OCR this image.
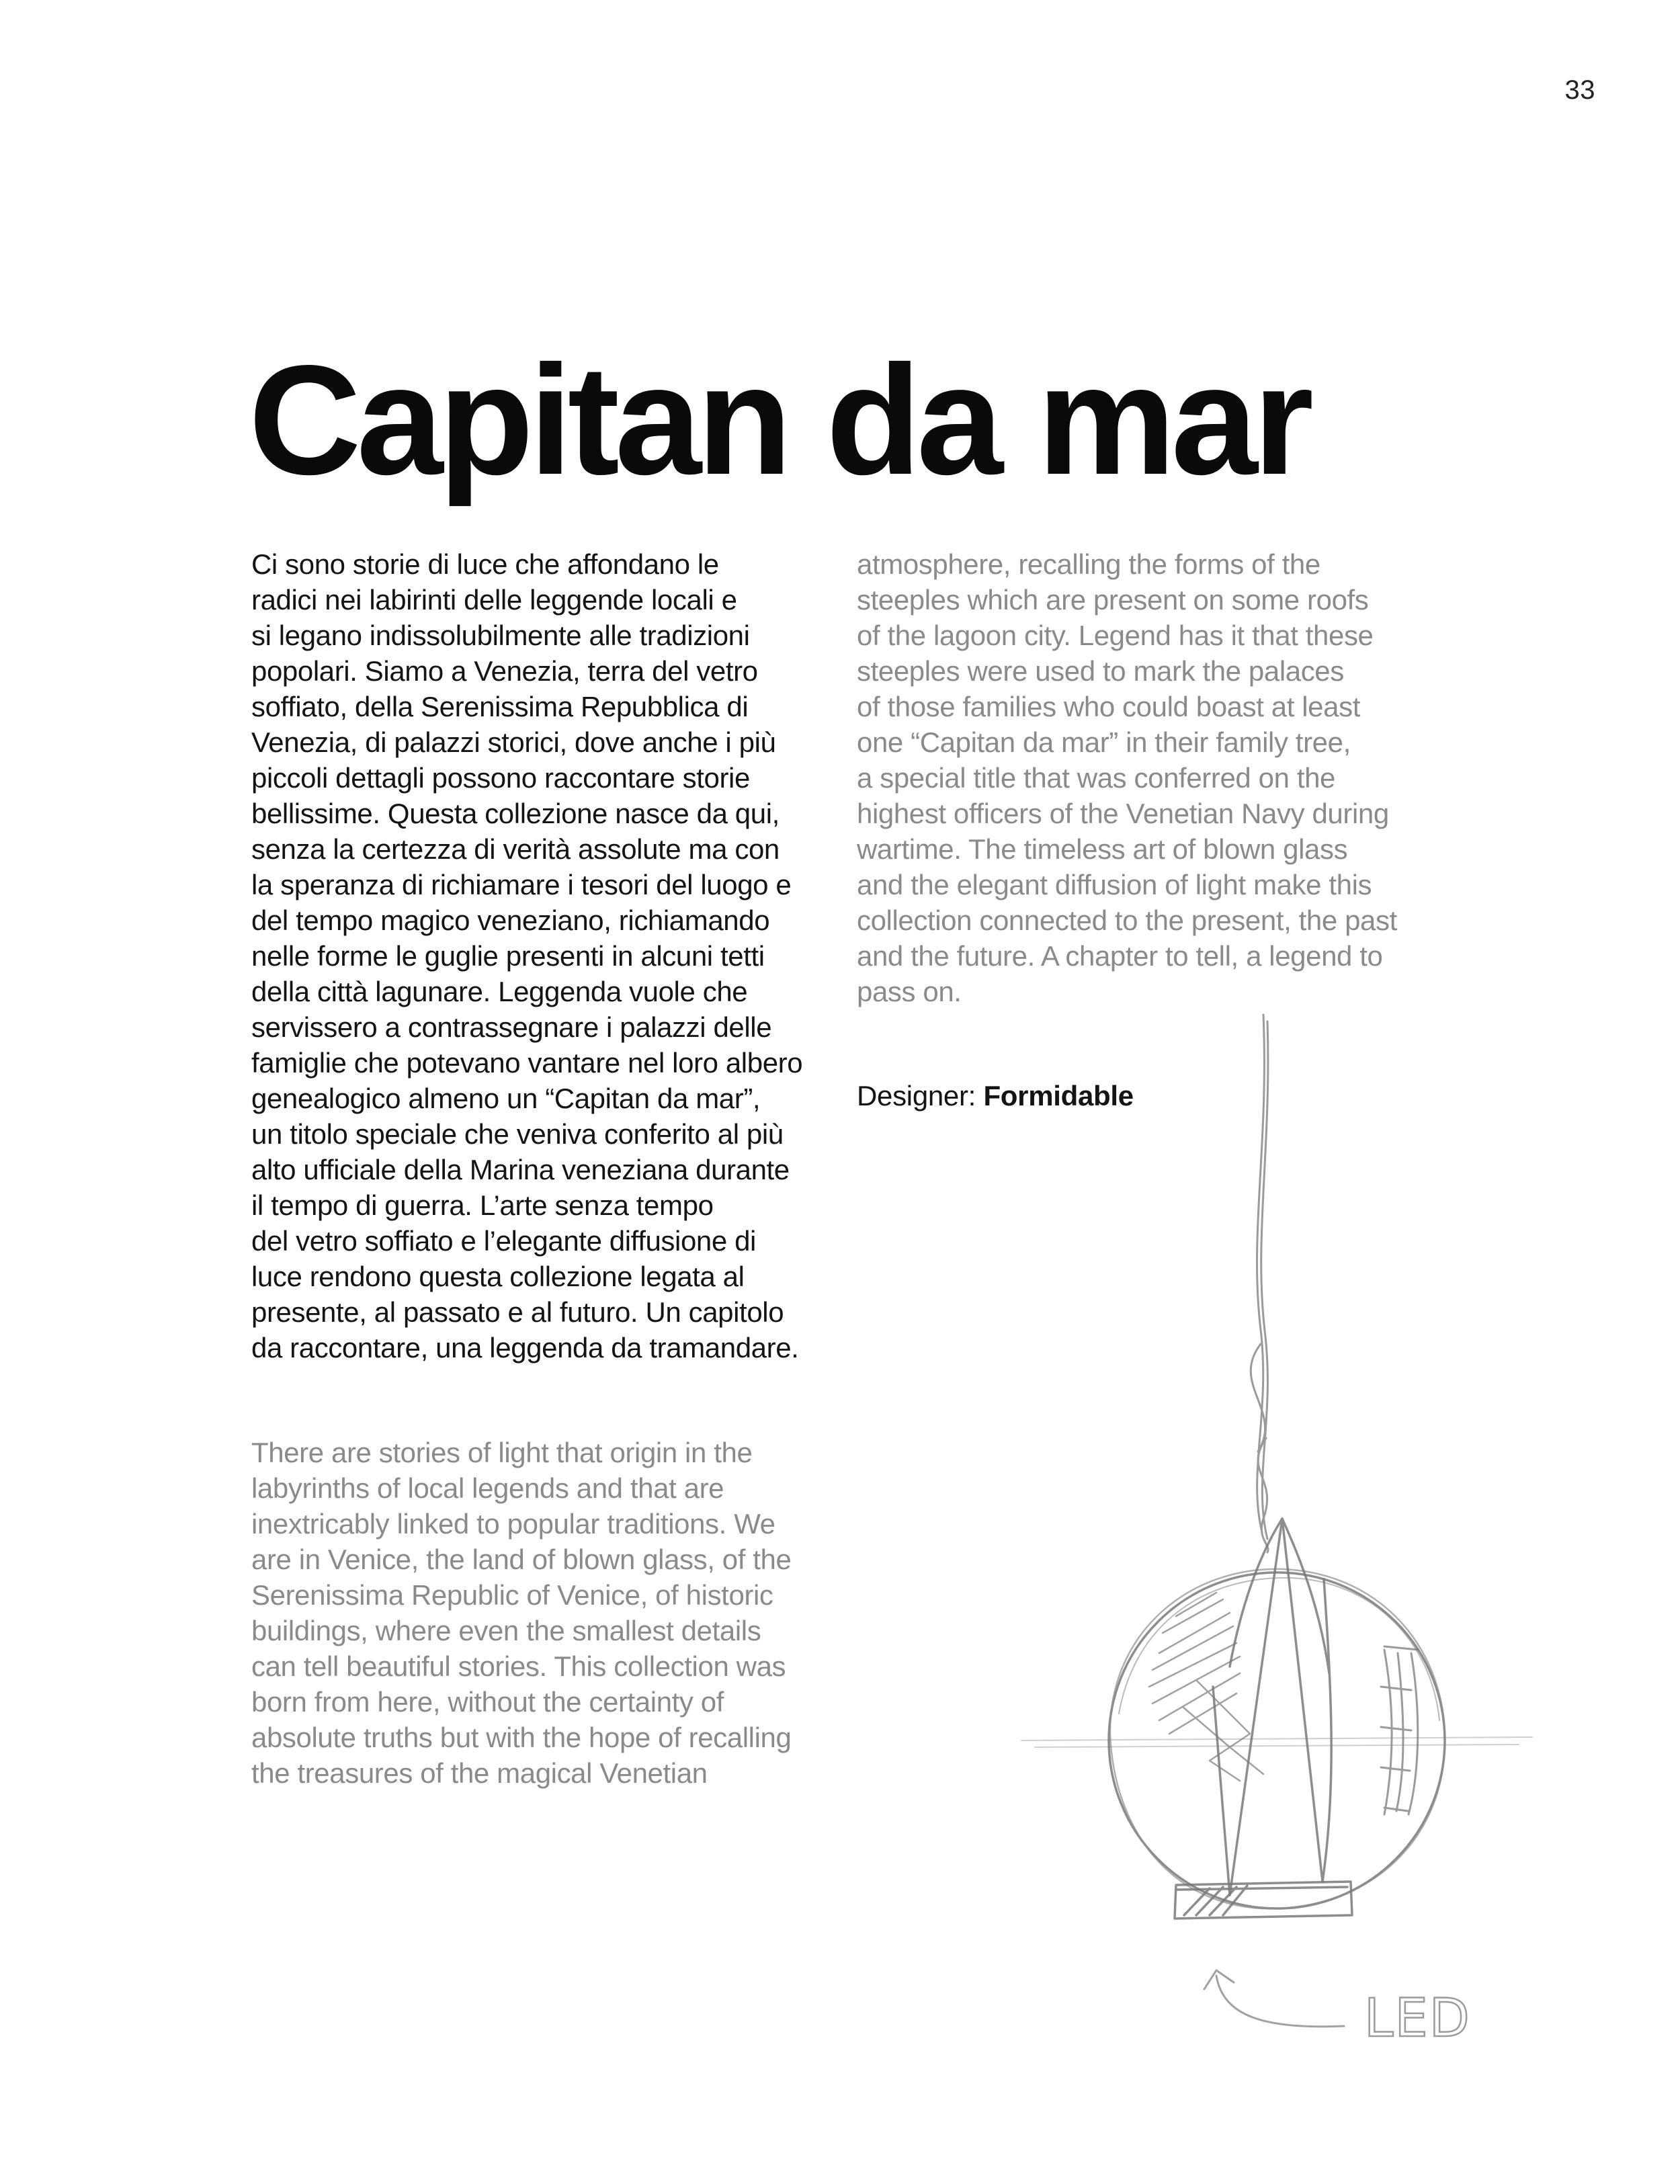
33
Capitan da mar

Ci sono storie di luce che affondano le
radici nei labirinti delle leggende locali e
si legano indissolubilmente alle tradizioni
popolari. Siamo a Venezia, terra del vetro
soffiato, della Serenissima Repubblica di
Venezia, di palazzi storici, dove anche i più
piccoli dettagli possono raccontare storie
bellissime. Questa collezione nasce da qui,
senza la certezza di verità assolute ma con
la speranza di richiamare i tesori del luogo e
del tempo magico veneziano, richiamando
nelle forme le guglie presenti in alcuni tetti
della città lagunare. Leggenda vuole che
servissero a contrassegnare i palazzi delle
famiglie che potevano vantare nel loro albero
genealogico almeno un “Capitan da mar”,
un titolo speciale che veniva conferito al più
alto ufficiale della Marina veneziana durante
il tempo di guerra. L’arte senza tempo
del vetro soffiato e l’elegante diffusione di
luce rendono questa collezione legata al
presente, al passato e al futuro. Un capitolo
da raccontare, una leggenda da tramandare.

There are stories of light that origin in the
labyrinths of local legends and that are
inextricably linked to popular traditions. We
are in Venice, the land of blown glass, of the
Serenissima Republic of Venice, of historic
buildings, where even the smallest details
can tell beautiful stories. This collection was
born from here, without the certainty of
absolute truths but with the hope of recalling
the treasures of the magical Venetian

atmosphere, recalling the forms of the
steeples which are present on some roofs
of the lagoon city. Legend has it that these
steeples were used to mark the palaces
of those families who could boast at least
one “Capitan da mar” in their family tree,
a special title that was conferred on the
highest officers of the Venetian Navy during
wartime. The timeless art of blown glass
and the elegant diffusion of light make this
collection connected to the present, the past
and the future. A chapter to tell, a legend to
pass on.

Designer: Formidable

LED
